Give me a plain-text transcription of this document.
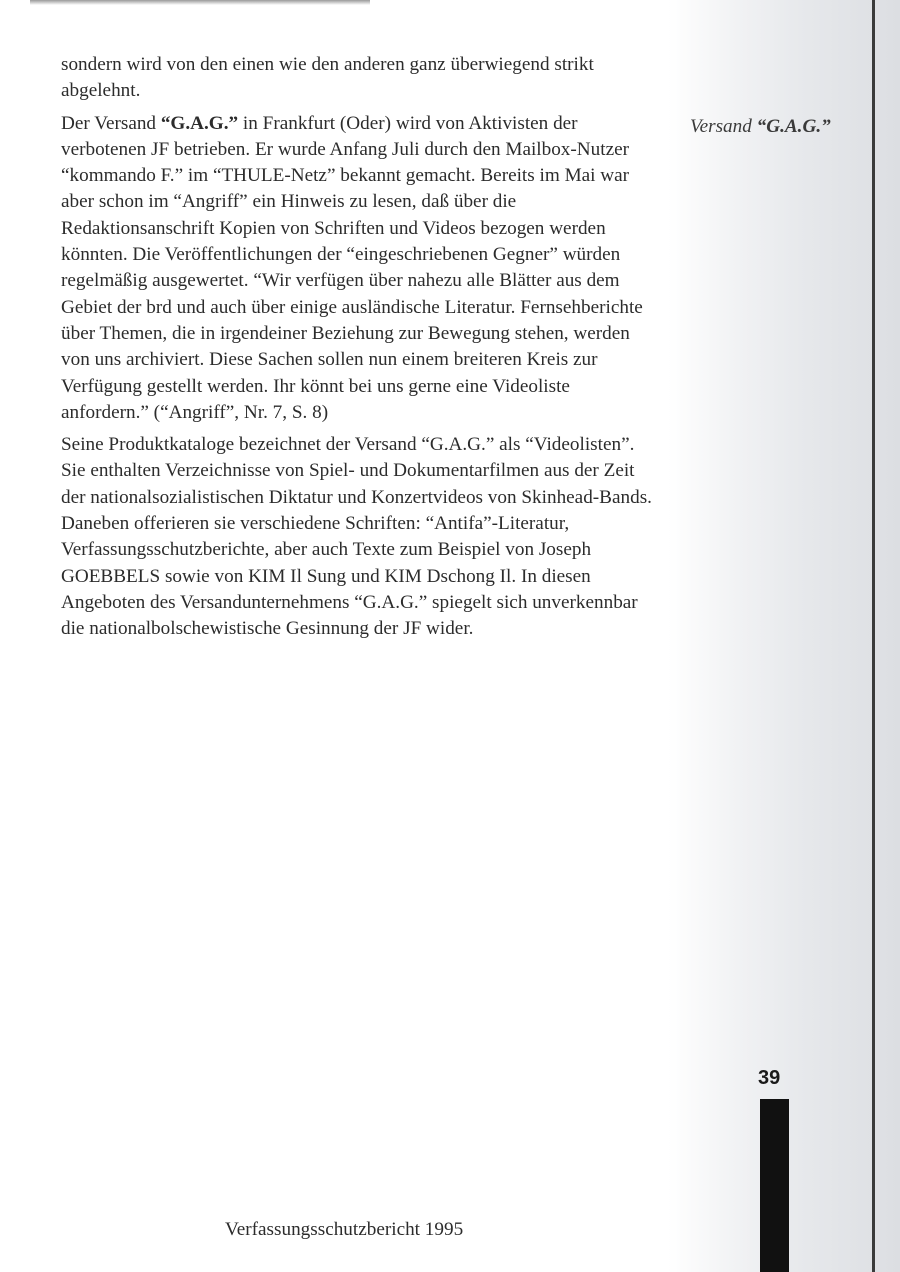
sondern wird von den einen wie den anderen ganz überwiegend strikt abgelehnt.

Der Versand “G.A.G.” in Frankfurt (Oder) wird von Aktivisten der verbotenen JF betrieben. Er wurde Anfang Juli durch den Mailbox-Nutzer “kommando F.” im “THULE-Netz” bekannt gemacht. Bereits im Mai war aber schon im “Angriff” ein Hinweis zu lesen, daß über die Redaktionsanschrift Kopien von Schriften und Videos bezogen werden könnten. Die Veröffentlichungen der “eingeschriebenen Gegner” würden regelmäßig ausgewertet. “Wir verfügen über nahezu alle Blätter aus dem Gebiet der brd und auch über einige ausländische Literatur. Fernsehberichte über Themen, die in irgendeiner Beziehung zur Bewegung stehen, werden von uns archiviert. Diese Sachen sollen nun einem breiteren Kreis zur Verfügung gestellt werden. Ihr könnt bei uns gerne eine Videoliste anfordern.” (“Angriff”, Nr. 7, S. 8)

Seine Produktkataloge bezeichnet der Versand “G.A.G.” als “Videolisten”. Sie enthalten Verzeichnisse von Spiel- und Dokumentarfilmen aus der Zeit der nationalsozialistischen Diktatur und Konzertvideos von Skinhead-Bands. Daneben offerieren sie verschiedene Schriften: “Antifa”-Literatur, Verfassungsschutzberichte, aber auch Texte zum Beispiel von Joseph GOEBBELS sowie von KIM Il Sung und KIM Dschong Il. In diesen Angeboten des Versandunternehmens “G.A.G.” spiegelt sich unverkennbar die nationalbolschewistische Gesinnung der JF wider.

Versand “G.A.G.”
39
Verfassungsschutzbericht 1995
